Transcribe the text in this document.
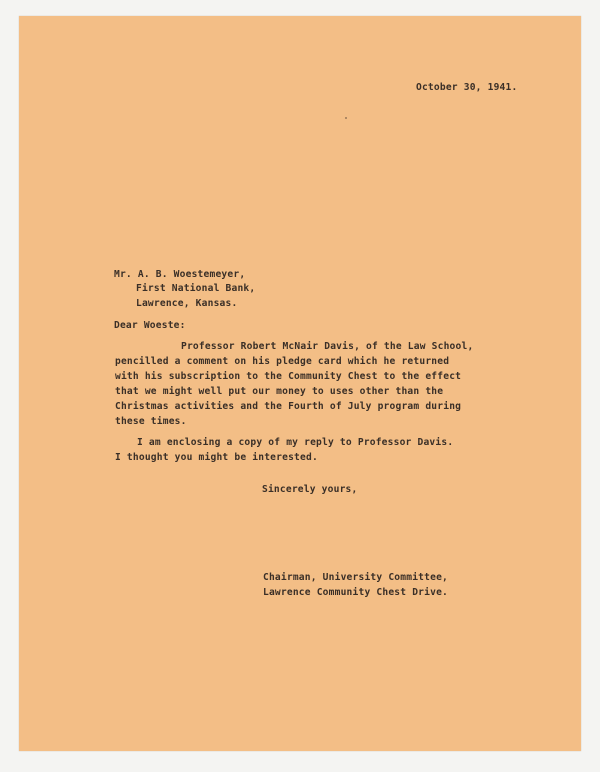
October 30, 1941.
Mr. A. B. Woestemeyer,
First National Bank,
Lawrence, Kansas.
Dear Woeste:
Professor Robert McNair Davis, of the Law School,
pencilled a comment on his pledge card which he returned
with his subscription to the Community Chest to the effect
that we might well put our money to uses other than the
Christmas activities and the Fourth of July program during
these times.
I am enclosing a copy of my reply to Professor Davis.
I thought you might be interested.
Sincerely yours,
Chairman, University Committee,
Lawrence Community Chest Drive.
